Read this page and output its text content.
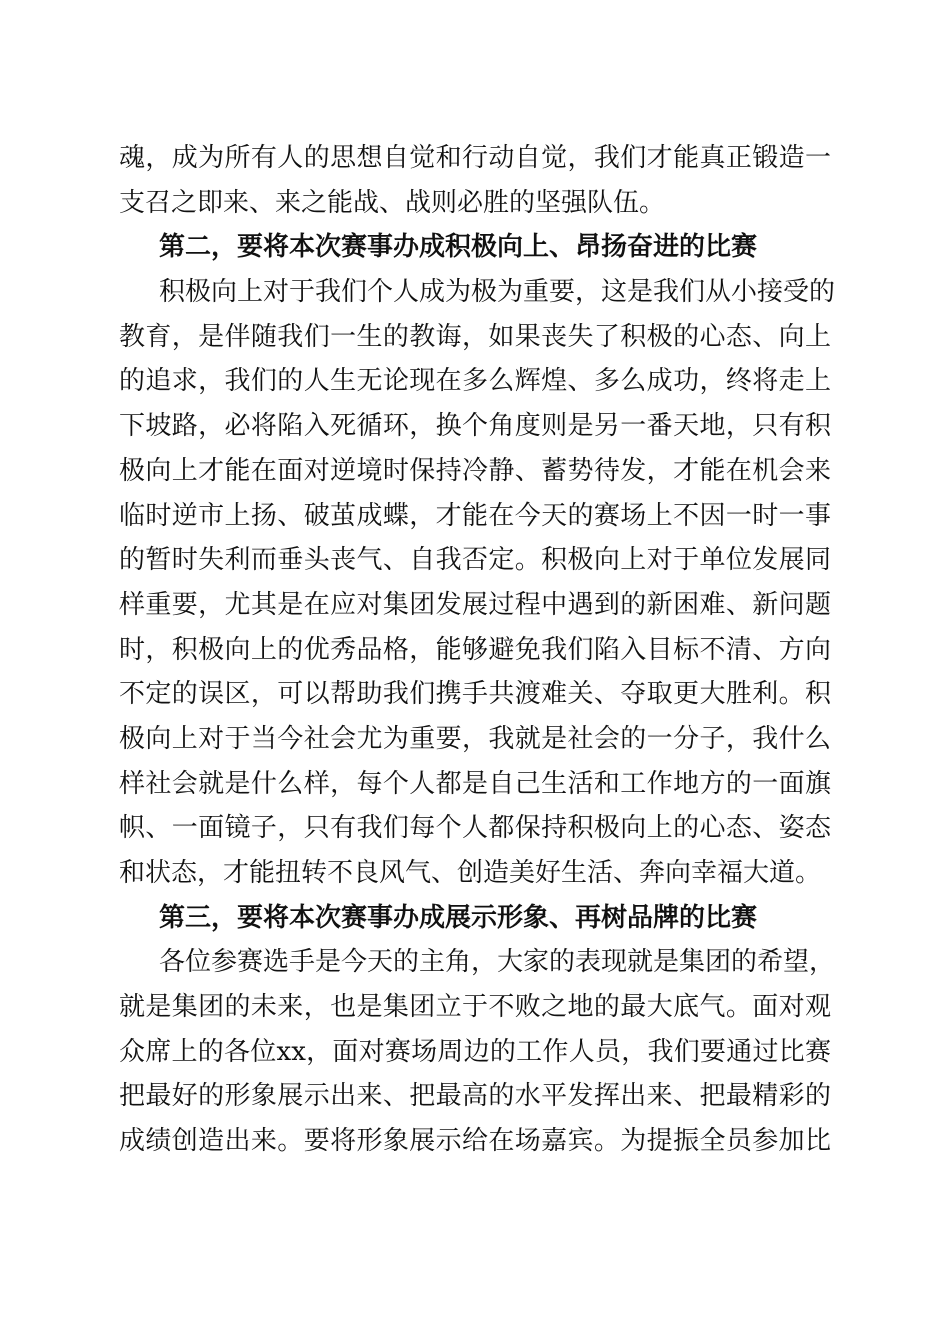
魂，成为所有人的思想自觉和行动自觉，我们才能真正锻造一
支召之即来、来之能战、战则必胜的坚强队伍。
第二，要将本次赛事办成积极向上、昂扬奋进的比赛
积极向上对于我们个人成为极为重要，这是我们从小接受的
教育，是伴随我们一生的教诲，如果丧失了积极的心态、向上
的追求，我们的人生无论现在多么辉煌、多么成功，终将走上
下坡路，必将陷入死循环，换个角度则是另一番天地，只有积
极向上才能在面对逆境时保持冷静、蓄势待发，才能在机会来
临时逆市上扬、破茧成蝶，才能在今天的赛场上不因一时一事
的暂时失利而垂头丧气、自我否定。积极向上对于单位发展同
样重要，尤其是在应对集团发展过程中遇到的新困难、新问题
时，积极向上的优秀品格，能够避免我们陷入目标不清、方向
不定的误区，可以帮助我们携手共渡难关、夺取更大胜利。积
极向上对于当今社会尤为重要，我就是社会的一分子，我什么
样社会就是什么样，每个人都是自己生活和工作地方的一面旗
帜、一面镜子，只有我们每个人都保持积极向上的心态、姿态
和状态，才能扭转不良风气、创造美好生活、奔向幸福大道。
第三，要将本次赛事办成展示形象、再树品牌的比赛
各位参赛选手是今天的主角，大家的表现就是集团的希望，
就是集团的未来，也是集团立于不败之地的最大底气。面对观
众席上的各位xx，面对赛场周边的工作人员，我们要通过比赛
把最好的形象展示出来、把最高的水平发挥出来、把最精彩的
成绩创造出来。要将形象展示给在场嘉宾。为提振全员参加比
